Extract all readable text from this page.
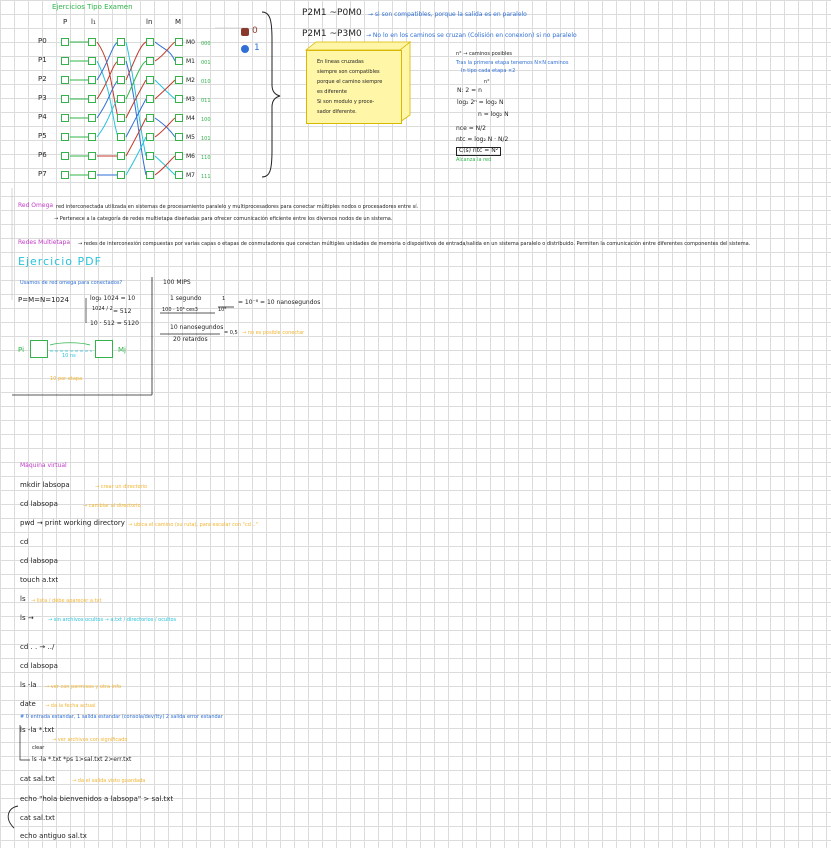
Ejercicios Tipo Examen
P	l₁	ln	M
P0
P1
P2
P3
P4
P5
P6
P7
M0
M1
M2
M3
M4
M5
M6
M7
000
001
010
011
100
101
110
111
0
1
P2M1 ~P0M0 → si son compatibles, porque la salida es en paralelo
P2M1 ~P3M0 → No lo en los caminos se cruzan (Colisión en conexion) si no paralelo
En lineas cruzadas
siempre son compatibles
porque el camino siempre
es diferente
Si son modulo y proce-
sador diferente.
n° → caminos posibles
Tras la primera etapa tenemos N×N caminos
In tipo cada etapa ×2
n°
N: 2 = n
log₂ 2ⁿ = log₂ N
n = log₂ N
nce = N/2
ntc = log₂ N · N/2
C(s) ntc = N²
Alcanza la red
Red Omega red interconectada utilizada en sistemas de procesamiento paralelo y multiprocesadores para conectar múltiples nodos o procesadores entre sí.
→ Pertenece a la categoría de redes multietapa diseñadas para ofrecer comunicación eficiente entre los diversos nodos de un sistema.
Redes Multietapa → redes de interconexión compuestas por varias capas o etapas de conmutadores que conectan múltiples unidades de memoria o dispositivos de entrada/salida en un sistema paralelo o distribuido. Permiten la comunicación entre diferentes componentes del sistema.
Ejercicio PDF
Usamos de red omega para conectados?
P=M=N=1024	log₂ 1024 = 10
1024 / 2 = 512
10 · 512 = 5120
Pi
10 ns
Mj
10 por etapa
100 MIPS
1 segundo
100 · 10⁶ ces3
1
10⁸
= 10⁻⁸ = 10 nanosegundos
10 nanosegundos
20 retardos
= 0,5 → no es posible conectar
Máquina virtual
mkdir labsopa	→ crear un directorio
cd labsopa	→ cambiar al directorio
pwd → print working directory → ubica el camino (su ruta), para escalar con "cd .."
cd
cd labsopa
touch a.txt
ls → lista / debe aparecer a.txt
ls →	→ sin archivos ocultos → a.txt / directorios / ocultos
cd . . → ../
cd labsopa
ls -la → ver con permisos y otra info
date → da la fecha actual
# 0 entrada estandar, 1 salida estandar (consola/dev/tty) 2 salida error estandar
ls -la *.txt
→ ver archivos con significado
clear
ls -la *.txt *ps 1>sal.txt 2>err.txt
cat sal.txt	→ da el salida visto guardada
echo "hola bienvenidos a labsopa" > sal.txt
cat sal.txt
echo antiguo sal.tx
